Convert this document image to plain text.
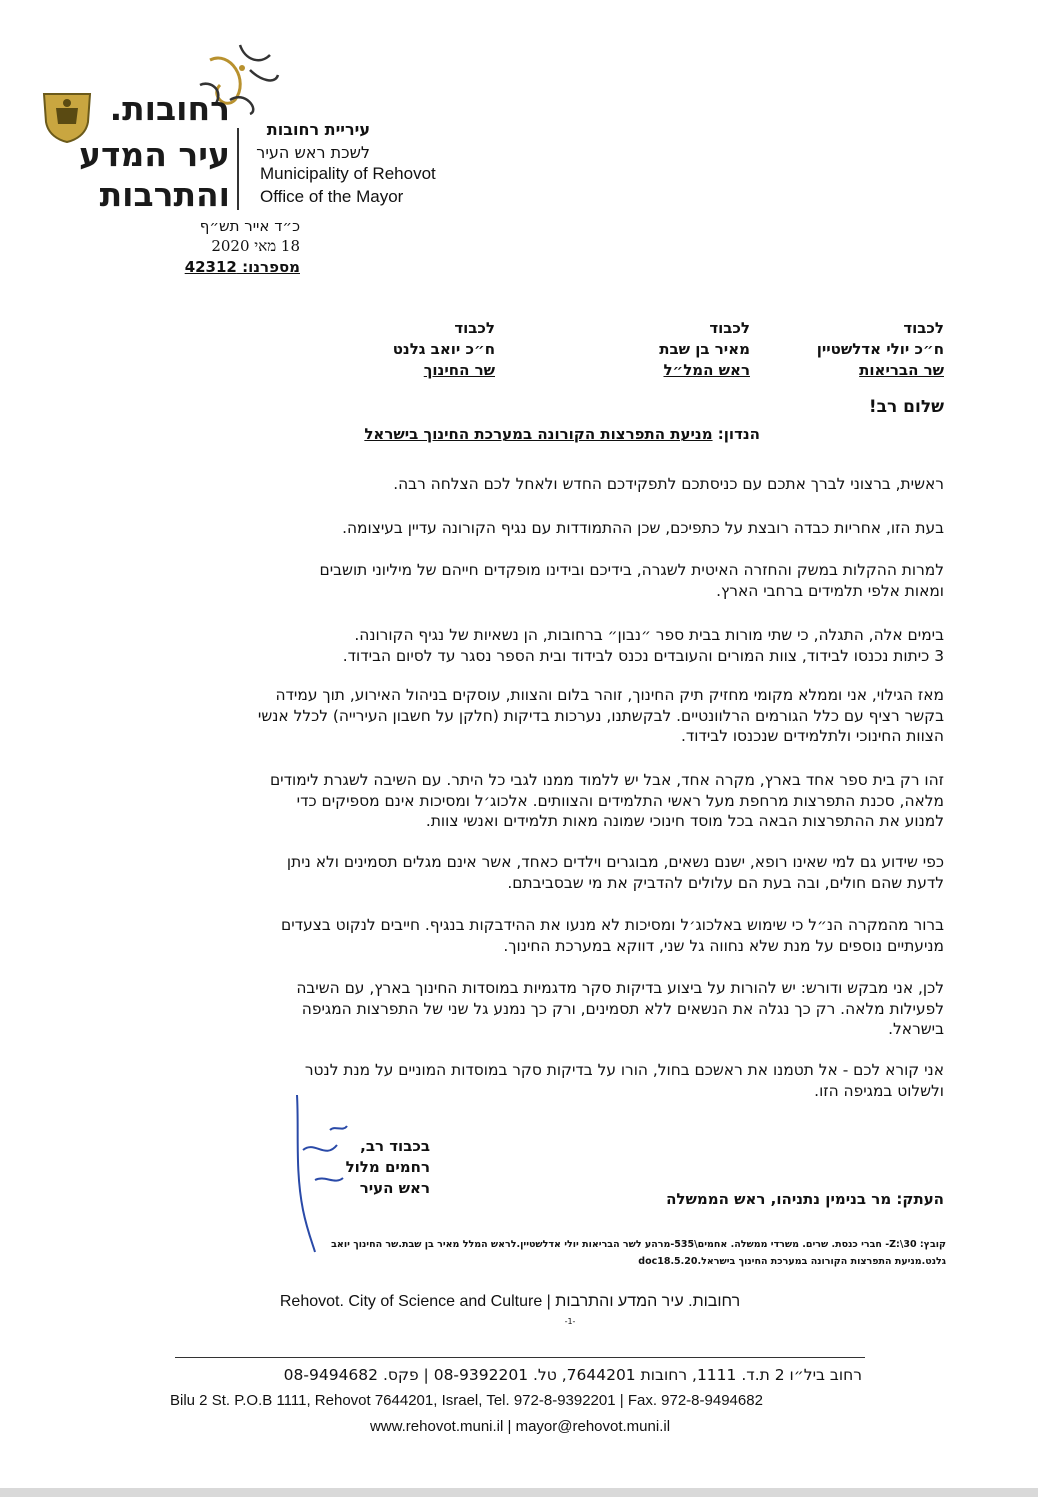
רחובות.
עיר המדע
והתרבות
עיריית רחובות
לשכת ראש העיר
Municipality of Rehovot
Office of the Mayor
כ״ד אייר תש״ף
18 מאי 2020
מספרנו: 42312
לכבוד
ח״כ יולי אדלשטיין
שר הבריאות
לכבוד
מאיר בן שבת
ראש המל״ל
לכבוד
ח״כ יואב גלנט
שר החינוך
שלום רב!
הנדון: מניעת התפרצות הקורונה במערכת החינוך בישראל
ראשית, ברצוני לברך אתכם עם כניסתכם לתפקידכם החדש ולאחל לכם הצלחה רבה.
בעת הזו, אחריות כבדה רובצת על כתפיכם, שכן ההתמודדות עם נגיף הקורונה עדיין בעיצומה.
למרות ההקלות במשק והחזרה האיטית לשגרה, בידיכם ובידינו מופקדים חייהם של מיליוני תושבים
ומאות אלפי תלמידים ברחבי הארץ.
בימים אלה, התגלה, כי שתי מורות בבית ספר ״נבון״ ברחובות, הן נשאיות של נגיף הקורונה.
3 כיתות נכנסו לבידוד, צוות המורים והעובדים נכנס לבידוד ובית הספר נסגר עד לסיום הבידוד.
מאז הגילוי, אני וממלא מקומי מחזיק תיק החינוך, זוהר בלום והצוות, עוסקים בניהול האירוע, תוך עמידה
בקשר רציף עם כלל הגורמים הרלוונטיים. לבקשתנו, נערכות בדיקות (חלקן על חשבון העירייה) לכלל אנשי
הצוות החינוכי ולתלמידים שנכנסו לבידוד.
זהו רק בית ספר אחד בארץ, מקרה אחד, אבל יש ללמוד ממנו לגבי כל היתר. עם השיבה לשגרת לימודים
מלאה, סכנת התפרצות מרחפת מעל ראשי התלמידים והצוותים. אלכוג׳ל ומסיכות אינם מספיקים כדי
למנוע את ההתפרצות הבאה בכל מוסד חינוכי שמונה מאות תלמידים ואנשי צוות.
כפי שידוע גם למי שאינו רופא, ישנם נשאים, מבוגרים וילדים כאחד, אשר אינם מגלים תסמינים ולא ניתן
לדעת שהם חולים, ובה בעת הם עלולים להדביק את מי שבסביבתם.
ברור מהמקרה הנ״ל כי שימוש באלכוג׳ל ומסיכות לא מנעו את ההידבקות בנגיף. חייבים לנקוט בצעדים
מניעתיים נוספים על מנת שלא נחווה גל שני, דווקא במערכת החינוך.
לכן, אני מבקש ודורש: יש להורות על ביצוע בדיקות סקר מדגמיות במוסדות החינוך בארץ, עם השיבה
לפעילות מלאה. רק כך נגלה את הנשאים ללא תסמינים, ורק כך נמנע גל שני של התפרצות המגיפה
בישראל.
אני קורא לכם - אל תטמנו את ראשכם בחול, הורו על בדיקות סקר במוסדות המוניים על מנת לנטר
ולשלוט במגיפה הזו.
בכבוד רב,
רחמים מלול
ראש העיר
העתק: מר בנימין נתניהו, ראש הממשלה
קובץ: Z:\30- חברי כנסת. שרים. משרדי ממשלה. אחמים\535-מרהע לשר הבריאות יולי אדלשטיין.לראש המלל מאיר בן שבת.שר החינוך יואב
גלנט.מניעת התפרצות הקורונה במערכת החינוך בישראל.doc18.5.20
Rehovot. City of Science and Culture | רחובות. עיר המדע והתרבות
-1-
רחוב ביל״ו 2 ת.ד. 1111, רחובות 7644201, טל. 08-9392201 | פקס. 08-9494682
Bilu 2 St. P.O.B 1111, Rehovot 7644201, Israel, Tel. 972-8-9392201 | Fax. 972-8-9494682
www.rehovot.muni.il | mayor@rehovot.muni.il
